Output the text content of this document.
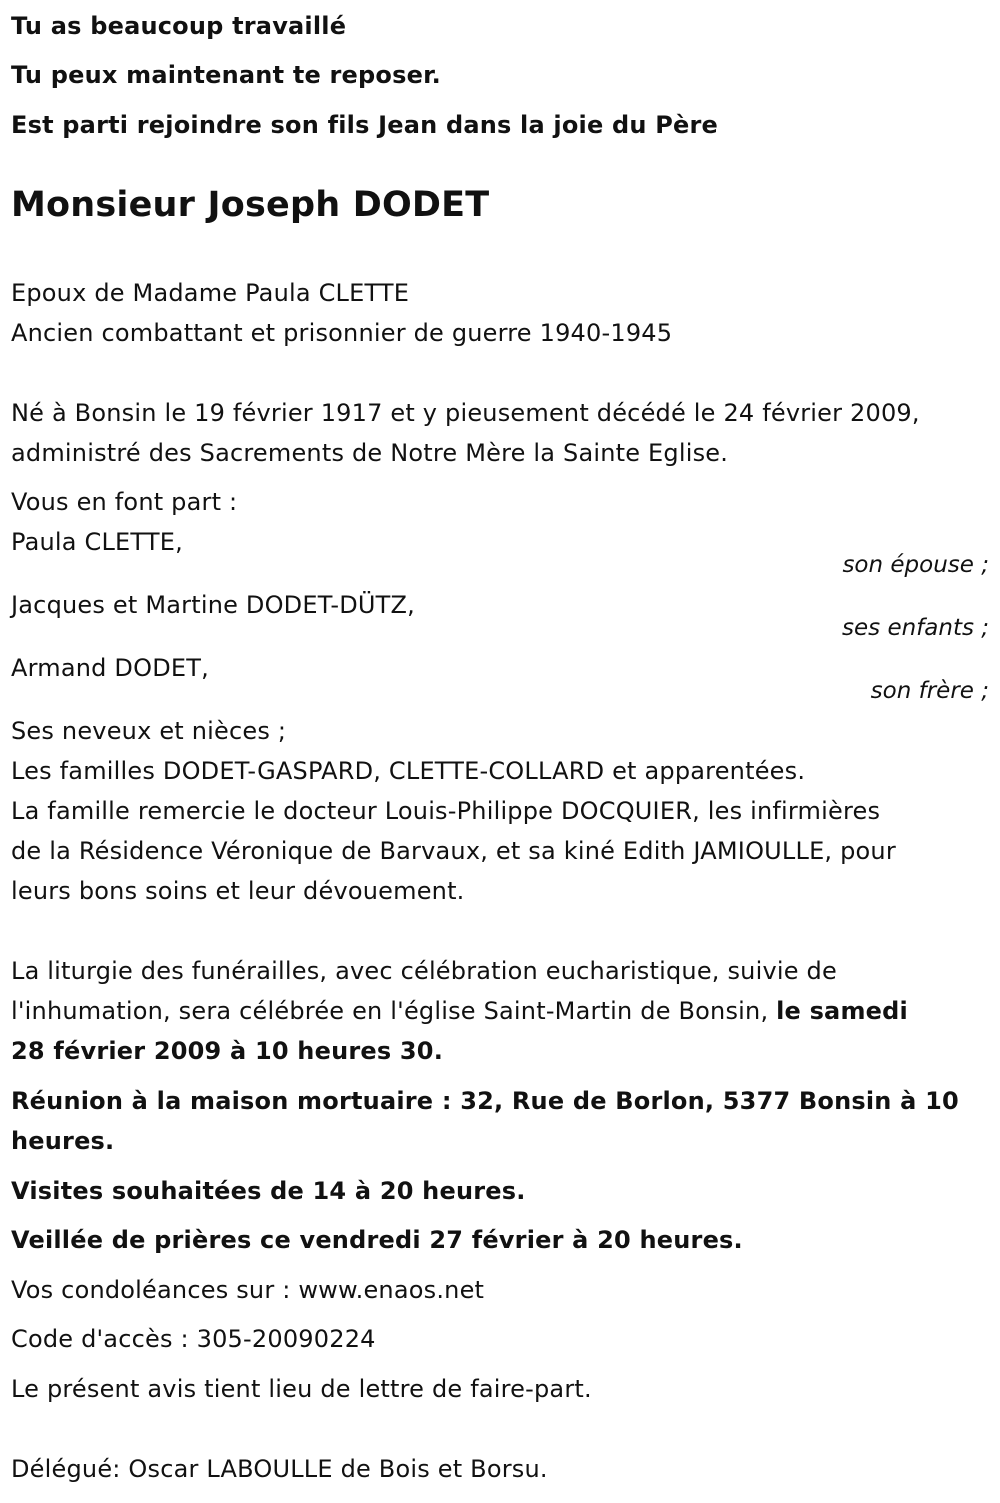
Tu as beaucoup travaillé
Tu peux maintenant te reposer.
Est parti rejoindre son fils Jean dans la joie du Père
Monsieur Joseph DODET
Epoux de Madame Paula CLETTE
Ancien combattant et prisonnier de guerre 1940-1945
Né à Bonsin le 19 février 1917 et y pieusement décédé le 24 février 2009,
administré des Sacrements de Notre Mère la Sainte Eglise.
Vous en font part :
Paula CLETTE,
son épouse ;
Jacques et Martine DODET-DÜTZ,
ses enfants ;
Armand DODET,
son frère ;
Ses neveux et nièces ;
Les familles DODET-GASPARD, CLETTE-COLLARD et apparentées.
La famille remercie le docteur Louis-Philippe DOCQUIER, les infirmières
de la Résidence Véronique de Barvaux, et sa kiné Edith JAMIOULLE, pour
leurs bons soins et leur dévouement.
La liturgie des funérailles, avec célébration eucharistique, suivie de
l'inhumation, sera célébrée en l'église Saint-Martin de Bonsin, le samedi
28 février 2009 à 10 heures 30.
Réunion à la maison mortuaire : 32, Rue de Borlon, 5377 Bonsin à 10
heures.
Visites souhaitées de 14 à 20 heures.
Veillée de prières ce vendredi 27 février à 20 heures.
Vos condoléances sur : www.enaos.net
Code d'accès : 305-20090224
Le présent avis tient lieu de lettre de faire-part.
Délégué: Oscar LABOULLE de Bois et Borsu.
